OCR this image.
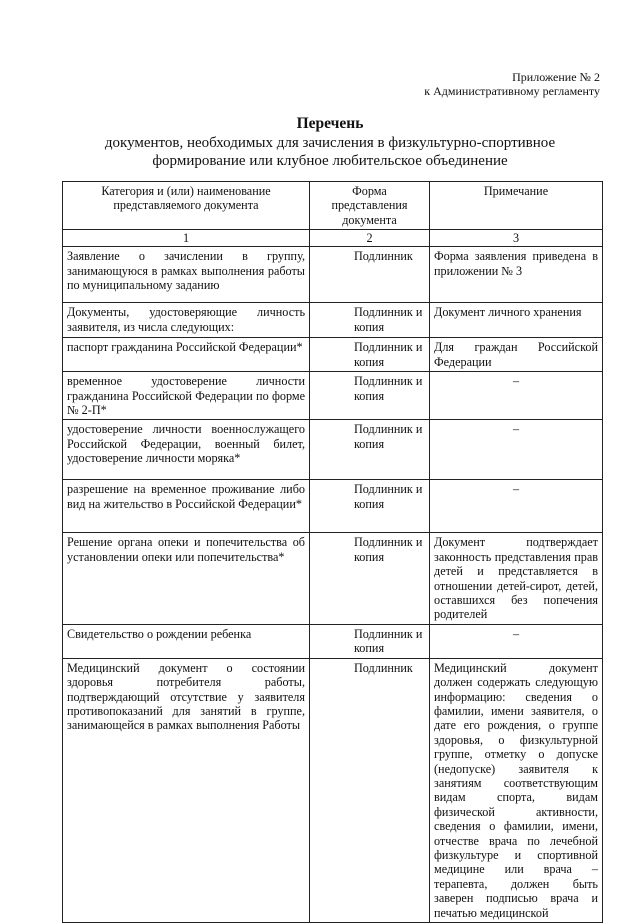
Приложение № 2
к Административному регламенту
Перечень
документов, необходимых для зачисления в физкультурно-спортивное
формирование или клубное любительское объединение
Категория и (или) наименование представляемого документа	Форма представления документа	Примечание
1	2	3
Заявление о зачислении в группу, занимающуюся в рамках выполнения работы по муниципальному заданию	Подлинник	Форма заявления приведена в приложении № 3
Документы, удостоверяющие личность заявителя, из числа следующих:	Подлинник и копия	Документ личного хранения
паспорт гражданина Российской Федерации*	Подлинник и копия	Для граждан Российской Федерации
временное удостоверение личности гражданина Российской Федерации по форме № 2-П*	Подлинник и копия	–
удостоверение личности военнослужащего Российской Федерации, военный билет, удостоверение личности моряка*	Подлинник и копия	–
разрешение на временное проживание либо вид на жительство в Российской Федерации*	Подлинник и копия	–
Решение органа опеки и попечительства об установлении опеки или попечительства*	Подлинник и копия	Документ подтверждает законность представления прав детей и представляется в отношении детей-сирот, детей, оставшихся без попечения родителей
Свидетельство о рождении ребенка	Подлинник и копия	–
Медицинский документ о состоянии здоровья потребителя работы, подтверждающий отсутствие у заявителя противопоказаний для занятий в группе, занимающейся в рамках выполнения Работы	Подлинник	Медицинский документ должен содержать следующую информацию: сведения о фамилии, имени заявителя, о дате его рождения, о группе здоровья, о физкультурной группе, отметку о допуске (недопуске) заявителя к занятиям соответствующим видам спорта, видам физической активности, сведения о фамилии, имени, отчестве врача по лечебной физкультуре и спортивной медицине или врача – терапевта, должен быть заверен подписью врача и печатью медицинской
